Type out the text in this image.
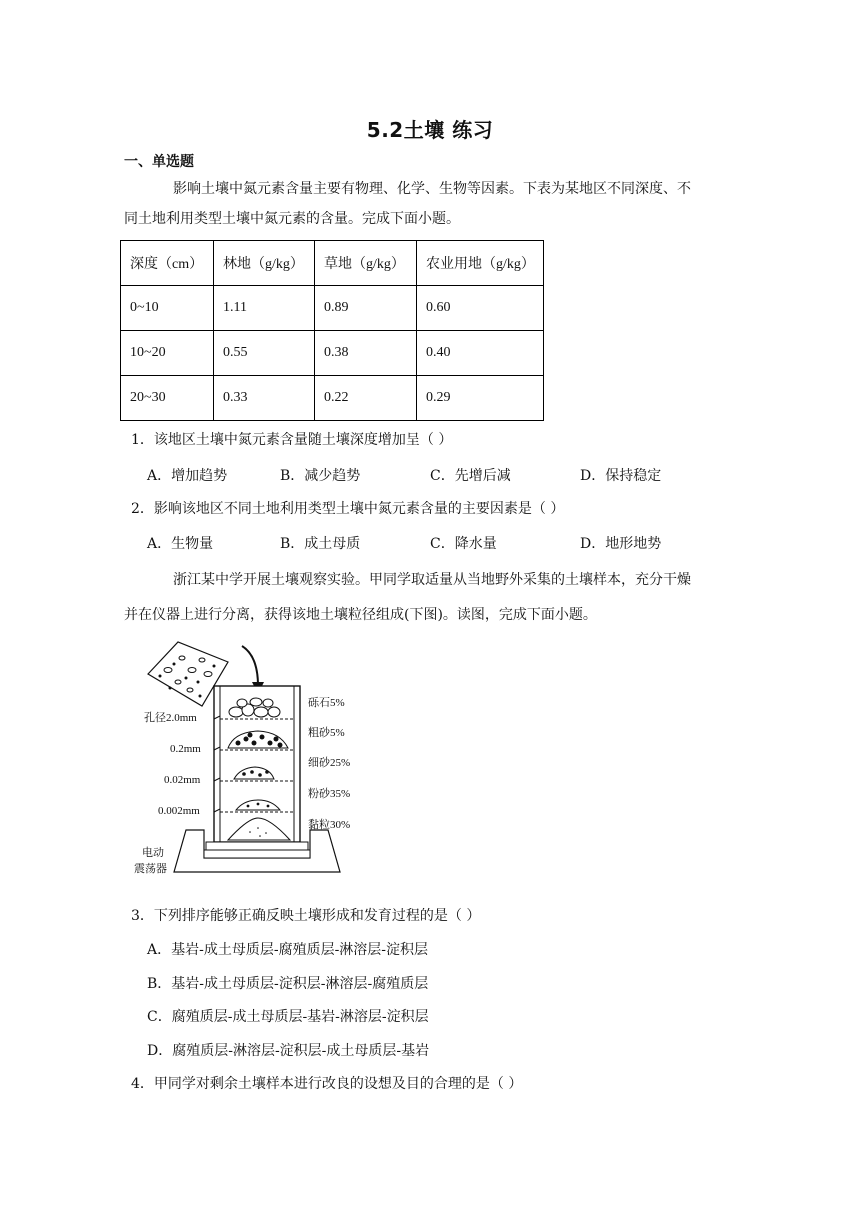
5.2土壤 练习
一、单选题
影响土壤中氮元素含量主要有物理、化学、生物等因素。下表为某地区不同深度、不
同土地利用类型土壤中氮元素的含量。完成下面小题。
深度（cm）	林地（g/kg）	草地（g/kg）	农业用地（g/kg）
0~10	1.11	0.89	0.60
10~20	0.55	0.38	0.40
20~30	0.33	0.22	0.29
1．该地区土壤中氮元素含量随土壤深度增加呈（ ）
A．增加趋势	B．减少趋势	C．先增后减	D．保持稳定
2．影响该地区不同土地利用类型土壤中氮元素含量的主要因素是（ ）
A．生物量	B．成土母质	C．降水量	D．地形地势
浙江某中学开展土壤观察实验。甲同学取适量从当地野外采集的土壤样本，充分干燥
并在仪器上进行分离，获得该地土壤粒径组成(下图)。读图，完成下面小题。
孔径2.0mm
0.2mm
0.02mm
0.002mm
砾石5%
粗砂5%
细砂25%
粉砂35%
黏粒30%
电动
震荡器
3．下列排序能够正确反映土壤形成和发育过程的是（ ）
A．基岩-成土母质层-腐殖质层-淋溶层-淀积层
B．基岩-成土母质层-淀积层-淋溶层-腐殖质层
C．腐殖质层-成土母质层-基岩-淋溶层-淀积层
D．腐殖质层-淋溶层-淀积层-成土母质层-基岩
4．甲同学对剩余土壤样本进行改良的设想及目的合理的是（ ）
